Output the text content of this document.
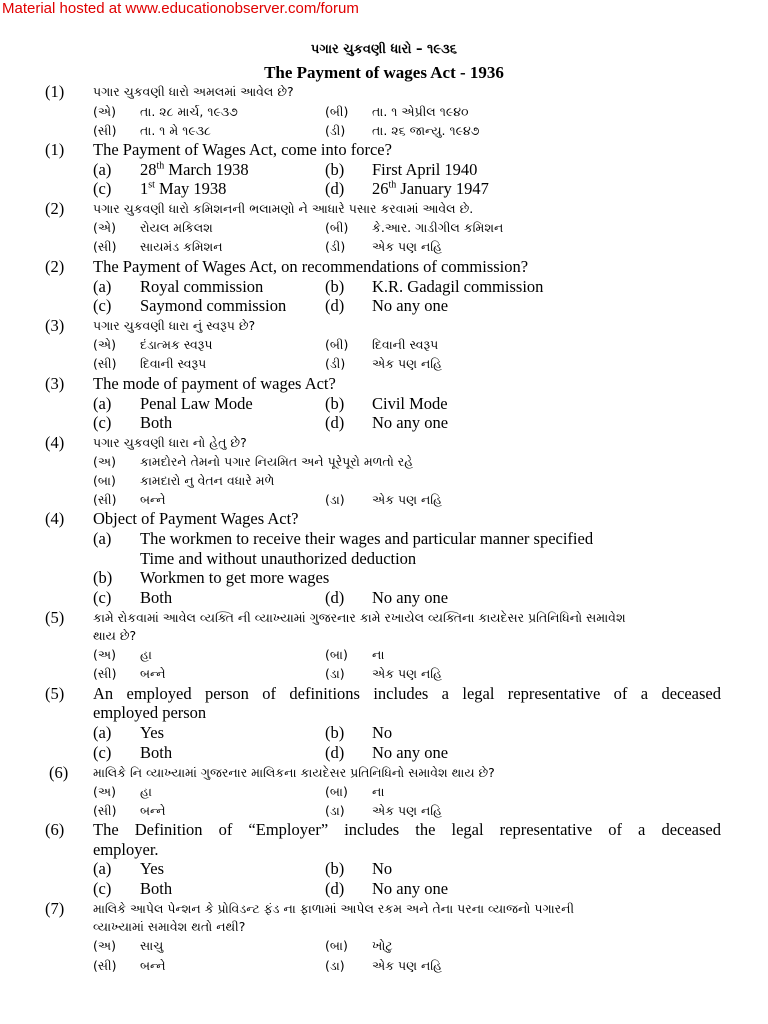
Material hosted at www.educationobserver.com/forum
પગાર ચુકવણી ધારો – ૧૯૩૬
The Payment of wages Act - 1936
(1) પગાર ચુકવણી ધારો અમલમાં આવેલ છે?
(એ) તા. ૨૮ માર્ચ, ૧૯૩૭	(બી) તા. ૧ એપ્રીલ ૧૯૪૦
(સી) તા. ૧ મે ૧૯૩૮	(ડી) તા. ૨૬ જાન્યુ. ૧૯૪૭
(1) The Payment of Wages Act, come into force?
(a) 28th March 1938	(b) First April 1940
(c) 1st May 1938	(d) 26th January 1947
(2) પગાર ચુકવણી ધારો કમિશનની ભલામણો ને આધારે પસાર કરવામાં આવેલ છે.
(એ) રોયલ મકિલશ	(બી) કે.આર. ગાડીગીલ કમિશન
(સી) સાયમંડ કમિશન	(ડી) એક પણ નહિ
(2) The Payment of Wages Act, on recommendations of commission?
(a) Royal commission	(b) K.R. Gadagil commission
(c) Saymond commission (d) No any one
(3) પગાર ચુકવણી ધારા નું સ્વરૂપ છે?
(એ) દંડાત્મક સ્વરૂપ	(બી) દિવાની સ્વરૂપ
(સી) દિવાની સ્વરૂપ	(ડી) એક પણ નહિ
(3) The mode of payment of wages Act?
(a) Penal Law Mode	(b) Civil Mode
(c) Both	(d) No any one
(4) પગાર ચુકવણી ધારા નો હેતુ છે?
(અ) કામદોરને તેમનો પગાર નિયમિત અને પૂરેપૂરો મળતો રહે
(બા) કામદારો નુ વેતન વધારે મળે
(સી) બન્ને	(ડા) એક પણ નહિ
(4) Object of Payment Wages Act?
(a) The workmen to receive their wages and particular manner specified
Time and without unauthorized deduction
(b) Workmen to get more wages
(c) Both	(d) No any one
(5) કામે રોકવામાં આવેલ વ્યક્તિ ની વ્યાખ્યામાં ગુજરનાર કામે રખાયેલ વ્યક્તિના કાયદેસર પ્રતિનિધિનો સમાવેશ
થાય છે?
(અ) હા	(બા) ના
(સી) બન્ને	(ડા) એક પણ નહિ
(5) An employed person of definitions includes a legal representative of a deceased
employed person
(a) Yes	(b) No
(c) Both	(d) No any one
(6) માલિકે નિ વ્યાખ્યામાં ગુજરનાર માલિકના કાયદેસર પ્રતિનિધિનો સમાવેશ થાય છે?
(અ) હા	(બા) ના
(સી) બન્ને	(ડા) એક પણ નહિ
(6) The Definition of “Employer” includes the legal representative of a deceased
employer.
(a) Yes	(b) No
(c) Both	(d) No any one
(7) માલિકે આપેલ પેન્શન કે પ્રોવિડન્ટ ફંડ ના ફાળામાં આપેલ રકમ અને તેના પરના વ્યાજનો પગારની
વ્યાખ્યામાં સમાવેશ થતો નથી?
(અ) સાચુ	(બા) ખોટુ
(સી) બન્ને	(ડા) એક પણ નહિ
